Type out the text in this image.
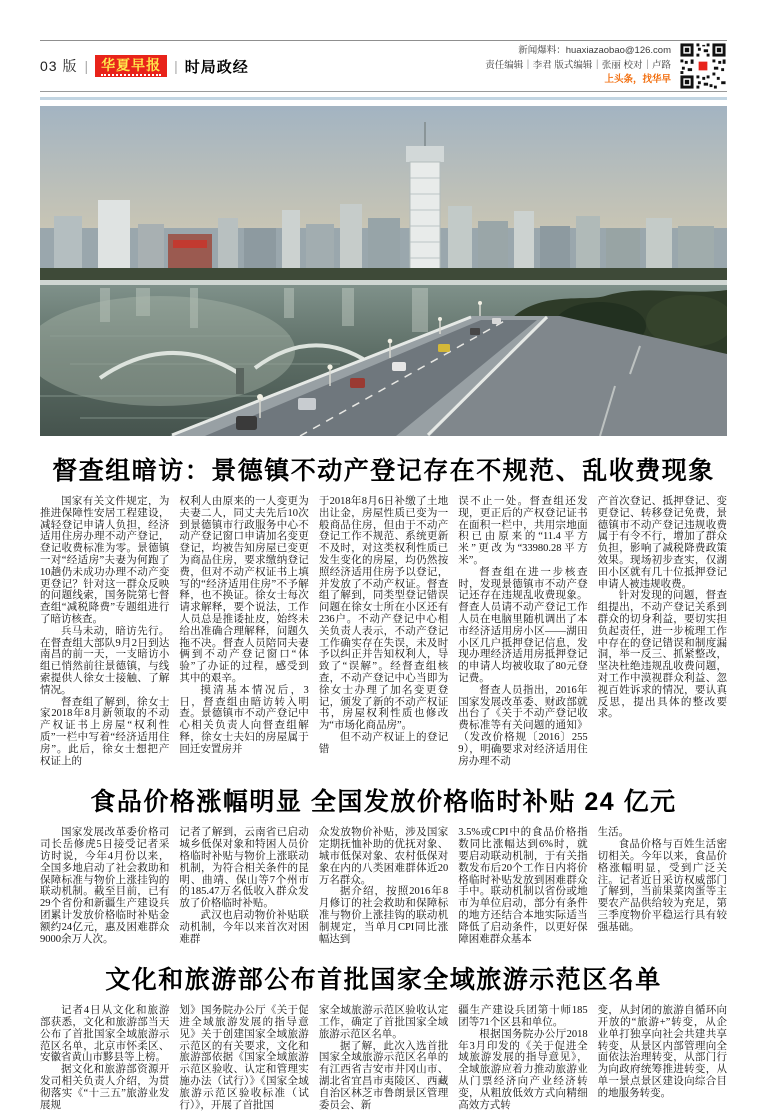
03 版 | 华夏早报 | 时局政经
新闻爆料：huaxiazaobao@126.com
责任编辑｜李君 版式编辑｜张丽 校对｜卢路
上头条，找华早
督查组暗访：景德镇不动产登记存在不规范、乱收费现象

国家有关文件规定，为推进保障性安居工程建设，减轻登记申请人负担，经济适用住房办理不动产登记，登记收费标准为零。景德镇一对“经适房”夫妻为何跑了10趟仍未成功办理不动产变更登记？针对这一群众反映的问题线索，国务院第七督查组“减税降费”专题组进行了暗访核查。

兵马未动，暗访先行。在督查组大部队9月2日到达南昌的前一天，一支暗访小组已悄然前往景德镇，与线索提供人徐女士接触、了解情况。

督查组了解到，徐女士家2018年8月新领取的不动产权证书上房屋“权利性质”一栏中写着“经济适用住房”。此后，徐女士想把产权证上的

权利人由原来的一人变更为夫妻二人，同丈夫先后10次到景德镇市行政服务中心不动产登记窗口申请加名变更登记，均被告知房屋已变更为商品住房，要求缴纳登记费，但对不动产权证书上填写的“经济适用住房”不予解释，也不换证。徐女士每次请求解释，要个说法，工作人员总是推诿扯皮，始终未给出准确合理解释，问题久拖不决。督查人员陪同夫妻俩到不动产登记窗口“体验”了办证的过程，感受到其中的艰辛。

摸清基本情况后，3日，督查组由暗访转入明查。景德镇市不动产登记中心相关负责人向督查组解释，徐女士夫妇的房屋属于回迁安置房并

于2018年8月6日补缴了土地出让金，房屋性质已变为一般商品住房，但由于不动产登记工作不规范、系统更新不及时，对这类权利性质已发生变化的房屋，均仍然按照经济适用住房予以登记，并发放了不动产权证。督查组了解到，同类型登记错误问题在徐女士所在小区还有236户。不动产登记中心相关负责人表示，不动产登记工作确实存在失误，未及时予以纠正并告知权利人，导致了“误解”。经督查组核查，不动产登记中心当即为徐女士办理了加名变更登记，颁发了新的不动产权证书，房屋权利性质也修改为“市场化商品房”。

但不动产权证上的登记错

误不止一处。督查组还发现，更正后的产权登记证书在面积一栏中，共用宗地面积已由原来的“11.4平方米”更改为“33980.28平方米”。

督查组在进一步核查时，发现景德镇市不动产登记还存在违规乱收费现象。督查人员请不动产登记工作人员在电脑里随机调出了本市经济适用房小区——湖田小区几户抵押登记信息，发现办理经济适用房抵押登记的申请人均被收取了80元登记费。

督查人员指出，2016年国家发展改革委、财政部就出台了《关于不动产登记收费标准等有关问题的通知》（发改价格规〔2016〕2559），明确要求对经济适用住房办理不动

产首次登记、抵押登记、变更登记、转移登记免费，景德镇市不动产登记违规收费属于有令不行，增加了群众负担，影响了减税降费政策效果。现场初步查实，仅湖田小区就有几十位抵押登记申请人被违规收费。

针对发现的问题，督查组提出，不动产登记关系到群众的切身利益，要切实担负起责任，进一步梳理工作中存在的登记错误和制度漏洞，举一反三、抓紧整改，坚决杜绝违规乱收费问题，对工作中漠视群众利益、忽视百姓诉求的情况，要认真反思，提出具体的整改要求。

食品价格涨幅明显 全国发放价格临时补贴 24 亿元

国家发展改革委价格司司长岳修虎5日接受记者采访时说，今年4月份以来，全国多地启动了社会救助和保障标准与物价上涨挂钩的联动机制。截至目前，已有29个省份和新疆生产建设兵团累计发放价格临时补贴金额约24亿元，惠及困难群众9000余万人次。

记者了解到，云南省已启动城乡低保对象和特困人员价格临时补贴与物价上涨联动机制，为符合相关条件的昆明、曲靖、保山等7个州市的185.47万名低收入群众发放了价格临时补贴。

武汉也启动物价补贴联动机制，今年以来首次对困难群

众发放物价补贴，涉及国家定期抚恤补助的优抚对象、城市低保对象、农村低保对象在内的八类困难群体近20万名群众。

据介绍，按照2016年8月修订的社会救助和保障标准与物价上涨挂钩的联动机制规定，当单月CPI同比涨幅达到

3.5%或CPI中的食品价格指数同比涨幅达到6%时，就要启动联动机制，于有关指数发布后20个工作日内将价格临时补贴发放到困难群众手中。联动机制以省份或地市为单位启动，部分有条件的地方还结合本地实际适当降低了启动条件，以更好保障困难群众基本

生活。

食品价格与百姓生活密切相关。今年以来，食品价格涨幅明显，受到广泛关注。记者近日采访权威部门了解到，当前果菜肉蛋等主要农产品供给较为充足，第三季度物价平稳运行具有较强基础。

文化和旅游部公布首批国家全域旅游示范区名单

记者4日从文化和旅游部获悉，文化和旅游部当天公布了首批国家全域旅游示范区名单，北京市怀柔区、安徽省黄山市黟县等上榜。

据文化和旅游部资源开发司相关负责人介绍，为贯彻落实《“十三五”旅游业发展规

划》国务院办公厅《关于促进全域旅游发展的指导意见》关于创建国家全域旅游示范区的有关要求，文化和旅游部依据《国家全域旅游示范区验收、认定和管理实施办法（试行）》《国家全域旅游示范区验收标准（试行）》，开展了首批国

家全域旅游示范区验收认定工作，确定了首批国家全域旅游示范区名单。

据了解，此次入选首批国家全域旅游示范区名单的有江西省吉安市井冈山市、湖北省宜昌市夷陵区、西藏自治区林芝市鲁朗景区管理委员会、新

疆生产建设兵团第十师185团等71个区县和单位。

根据国务院办公厅2018年3月印发的《关于促进全域旅游发展的指导意见》，全域旅游应着力推动旅游业从门票经济向产业经济转变，从粗放低效方式向精细高效方式转

变，从封闭的旅游自循环向开放的“旅游+”转变，从企业单打独享向社会共建共享转变，从景区内部管理向全面依法治理转变，从部门行为向政府统筹推进转变，从单一景点景区建设向综合目的地服务转变。
